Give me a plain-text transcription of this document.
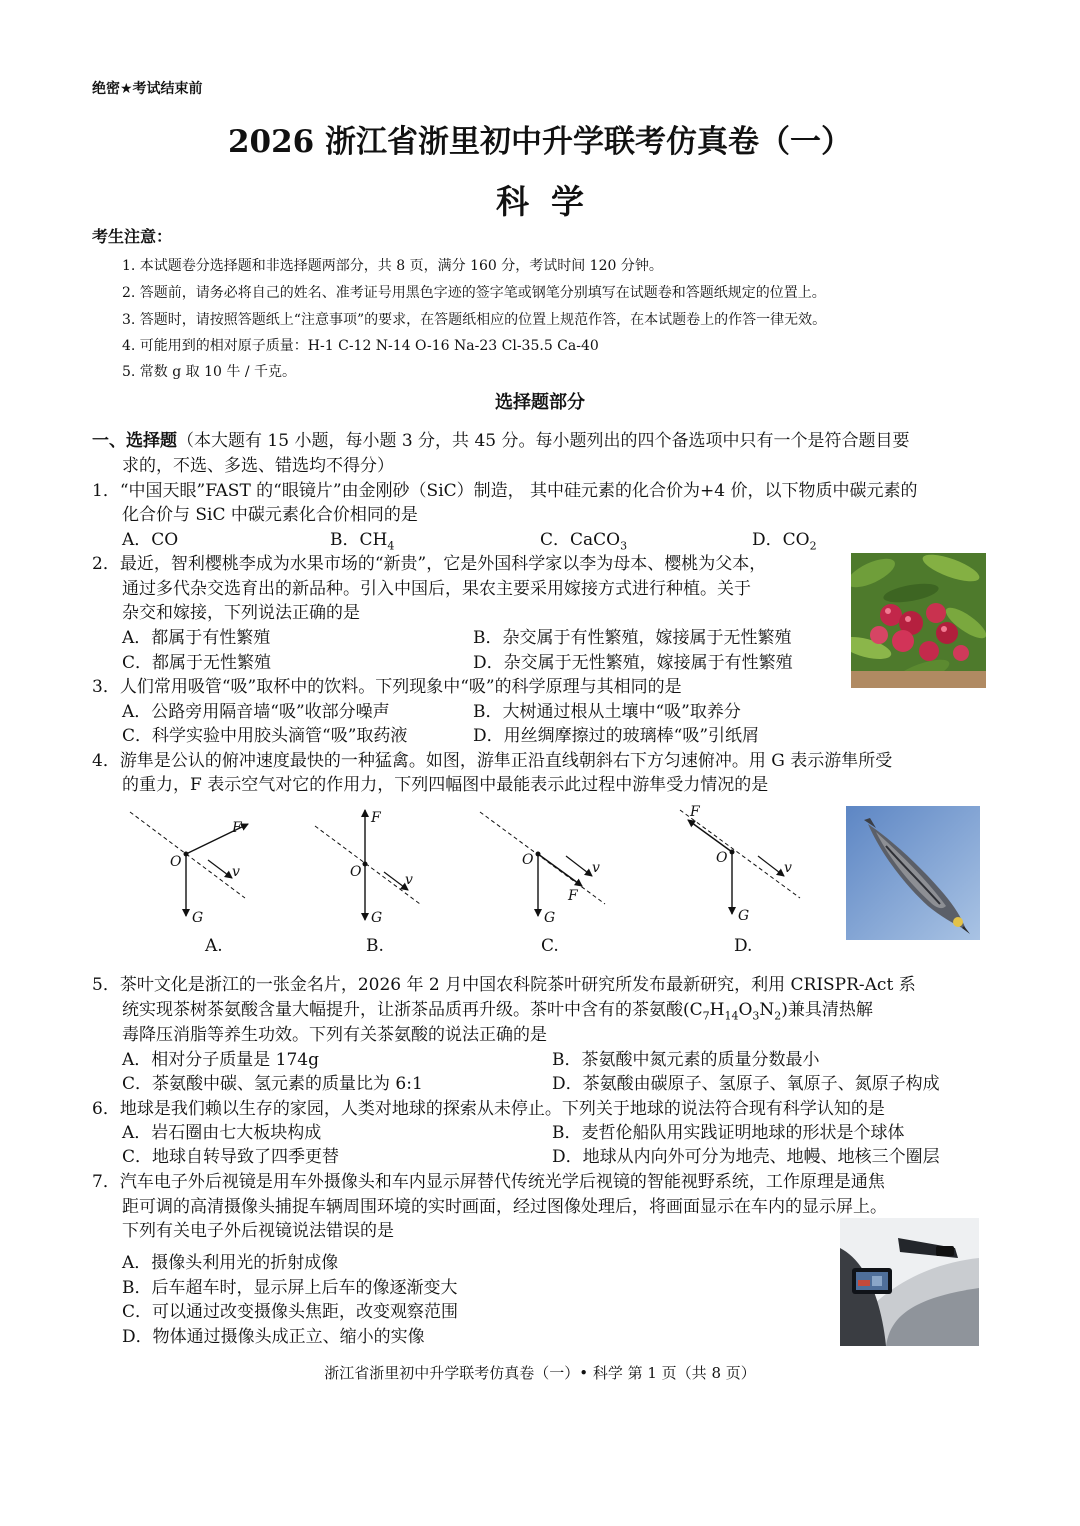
绝密★考试结束前
2026 浙江省浙里初中升学联考仿真卷（一）
科学
考生注意：
1. 本试题卷分选择题和非选择题两部分，共 8 页，满分 160 分，考试时间 120 分钟。
2. 答题前，请务必将自己的姓名、准考证号用黑色字迹的签字笔或钢笔分别填写在试题卷和答题纸规定的位置上。
3. 答题时，请按照答题纸上“注意事项”的要求，在答题纸相应的位置上规范作答，在本试题卷上的作答一律无效。
4. 可能用到的相对原子质量：H-1 C-12 N-14 O-16 Na-23 Cl-35.5 Ca-40
5. 常数 g 取 10 牛 / 千克。
选择题部分
一、选择题（本大题有 15 小题，每小题 3 分，共 45 分。每小题列出的四个备选项中只有一个是符合题目要
求的，不选、多选、错选均不得分）
1．“中国天眼”FAST 的“眼镜片”由金刚砂（SiC）制造， 其中硅元素的化合价为+4 价，以下物质中碳元素的
化合价与 SiC 中碳元素化合价相同的是
A．CO	B．$CH_4$	C．CaCO$_3$	D．$CO_2$
2．最近，智利樱桃李成为水果市场的“新贵”，它是外国科学家以李为母本、樱桃为父本，
通过多代杂交选育出的新品种。引入中国后，果农主要采用嫁接方式进行种植。关于
杂交和嫁接，下列说法正确的是
A．都属于有性繁殖	B．杂交属于有性繁殖，嫁接属于无性繁殖
C．都属于无性繁殖	D．杂交属于无性繁殖，嫁接属于有性繁殖
3．人们常用吸管“吸”取杯中的饮料。下列现象中“吸”的科学原理与其相同的是
A．公路旁用隔音墙“吸”收部分噪声	B．大树通过根从土壤中“吸”取养分
C．科学实验中用胶头滴管“吸”取药液	D．用丝绸摩擦过的玻璃棒“吸”引纸屑
4．游隼是公认的俯冲速度最快的一种猛禽。如图，游隼正沿直线朝斜右下方匀速俯冲。用 G 表示游隼所受
的重力，F 表示空气对它的作用力，下列四幅图中最能表示此过程中游隼受力情况的是
O
F
v
G
O
F
v
G
O
F
v
G
O
F
v
G
A.	B.	C.	D.
5．茶叶文化是浙江的一张金名片，2026 年 2 月中国农科院茶叶研究所发布最新研究，利用 CRISPR-Act 系
统实现茶树茶氨酸含量大幅提升，让浙茶品质再升级。茶叶中含有的茶氨酸$(C_7H_{14}O_3N_2)$兼具清热解
毒降压消脂等养生功效。下列有关茶氨酸的说法正确的是
A．相对分子质量是 174g	B．茶氨酸中氮元素的质量分数最小
C．茶氨酸中碳、氢元素的质量比为 6:1	D．茶氨酸由碳原子、氢原子、氧原子、氮原子构成
6．地球是我们赖以生存的家园，人类对地球的探索从未停止。下列关于地球的说法符合现有科学认知的是
A．岩石圈由七大板块构成	B．麦哲伦船队用实践证明地球的形状是个球体
C．地球自转导致了四季更替	D．地球从内向外可分为地壳、地幔、地核三个圈层
7．汽车电子外后视镜是用车外摄像头和车内显示屏替代传统光学后视镜的智能视野系统，工作原理是通焦
距可调的高清摄像头捕捉车辆周围环境的实时画面，经过图像处理后，将画面显示在车内的显示屏上。
下列有关电子外后视镜说法错误的是
A．摄像头利用光的折射成像
B．后车超车时，显示屏上后车的像逐渐变大
C．可以通过改变摄像头焦距，改变观察范围
D．物体通过摄像头成正立、缩小的实像
浙江省浙里初中升学联考仿真卷（一）• 科学 第 1 页（共 8 页）
